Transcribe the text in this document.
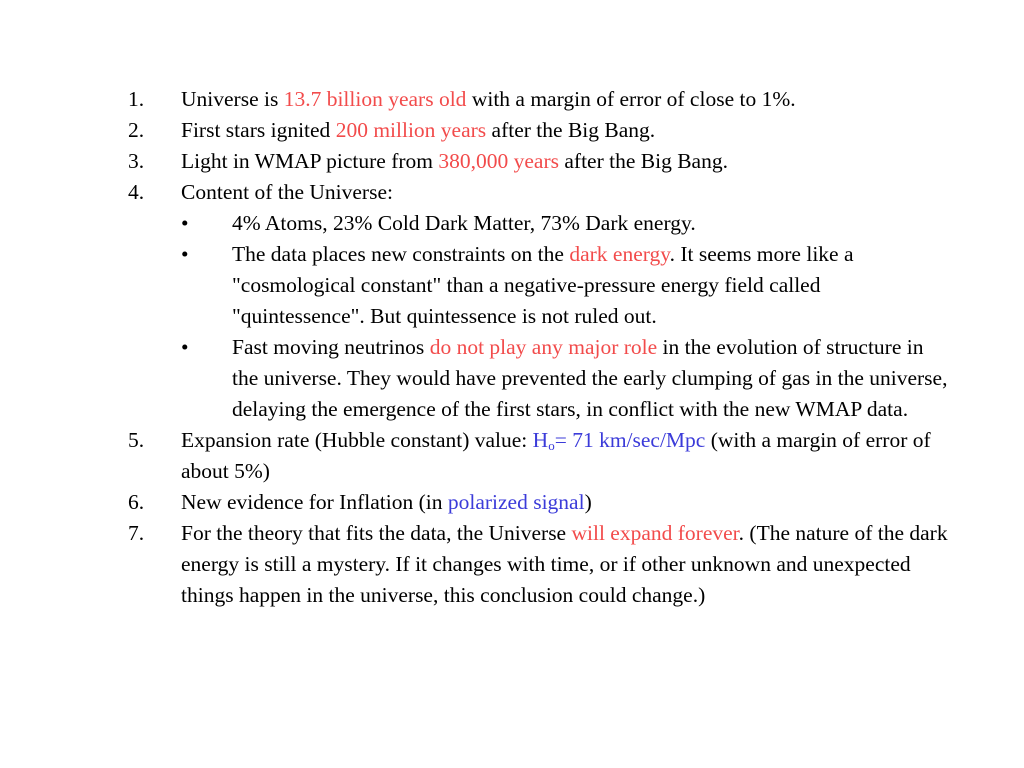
1. Universe is 13.7 billion years old with a margin of error of close to 1%.
2. First stars ignited 200 million years after the Big Bang.
3. Light in WMAP picture from 380,000 years after the Big Bang.
4. Content of the Universe:
• 4% Atoms, 23% Cold Dark Matter, 73% Dark energy.
• The data places new constraints on the dark energy. It seems more like a "cosmological constant" than a negative-pressure energy field called "quintessence". But quintessence is not ruled out.
• Fast moving neutrinos do not play any major role in the evolution of structure in the universe. They would have prevented the early clumping of gas in the universe, delaying the emergence of the first stars, in conflict with the new WMAP data.
5. Expansion rate (Hubble constant) value: $H_o= 71$ km/sec/Mpc (with a margin of error of about 5%)
6. New evidence for Inflation (in polarized signal)
7. For the theory that fits the data, the Universe will expand forever. (The nature of the dark energy is still a mystery. If it changes with time, or if other unknown and unexpected things happen in the universe, this conclusion could change.)
